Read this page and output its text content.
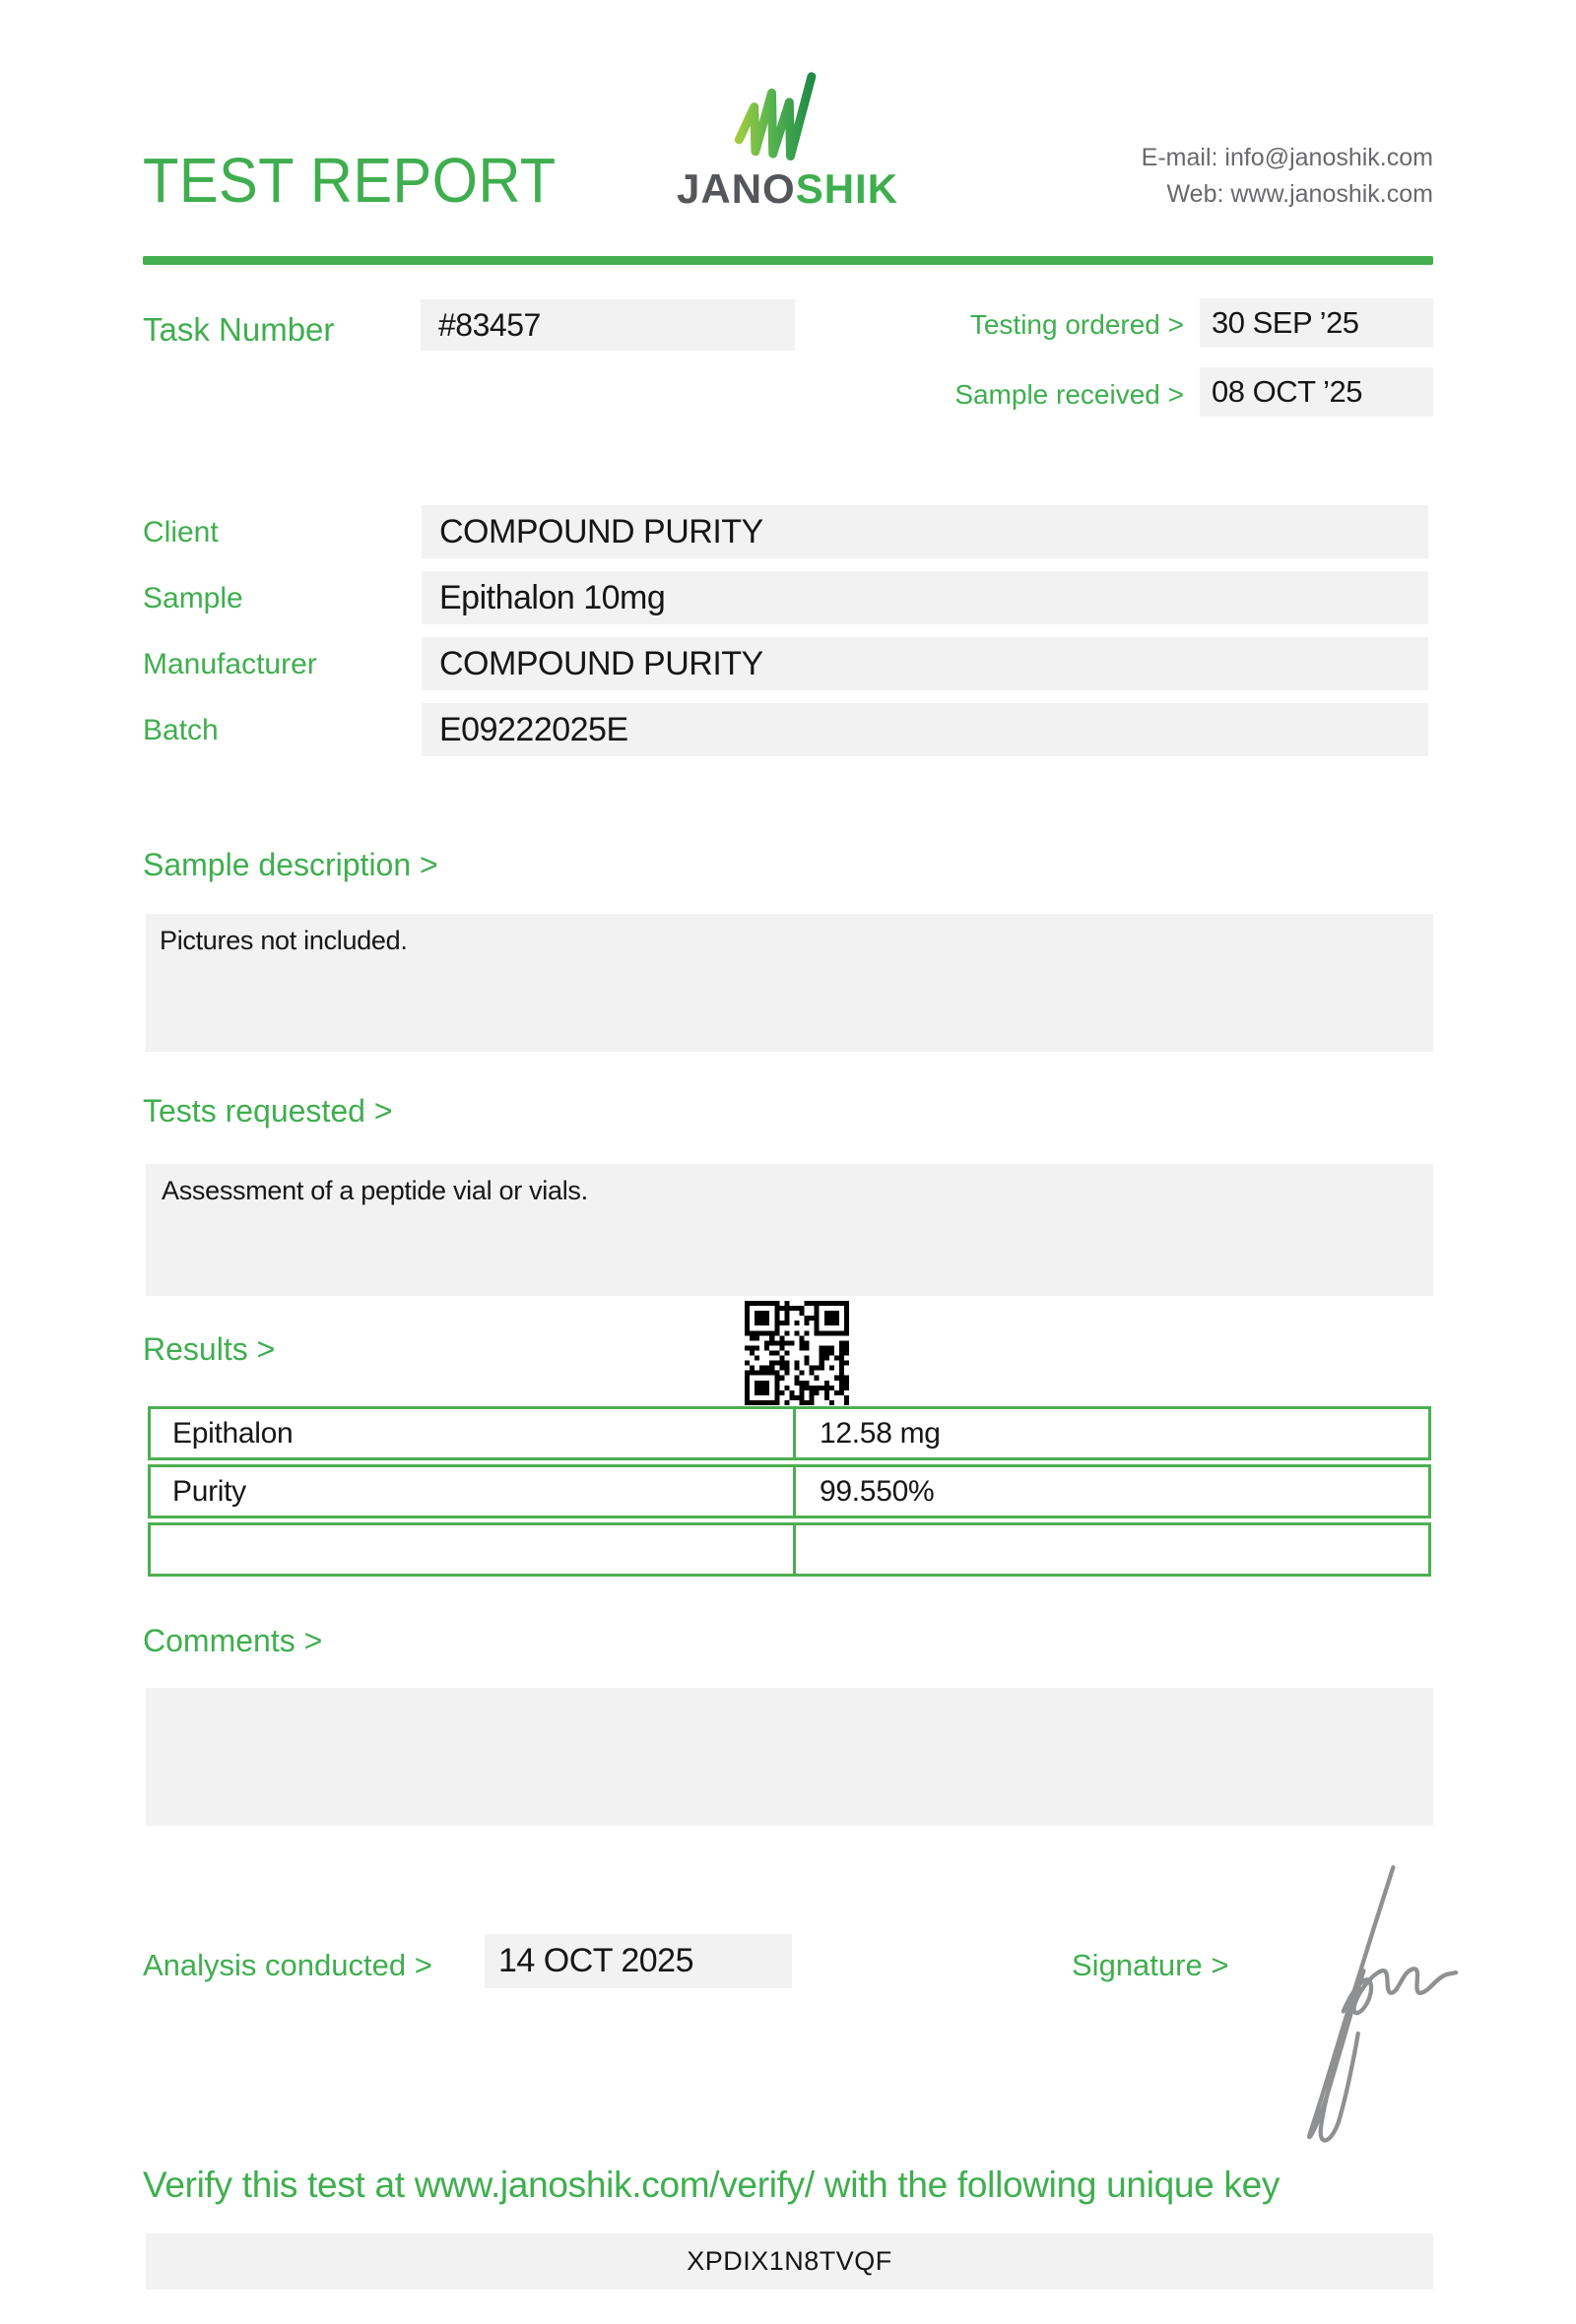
TEST REPORT	JANOSHIK
E-mail: info@janoshik.com
Web: www.janoshik.com
Task Number	#83457	Testing ordered > 30 SEP ’25
Sample received > 08 OCT ’25
Client	COMPOUND PURITY
Sample	Epithalon 10mg
Manufacturer	COMPOUND PURITY
Batch	E09222025E
Sample description >
Pictures not included.
Tests requested >
Assessment of a peptide vial or vials.
Results >
Epithalon	12.58 mg
Purity	99.550%
Comments >
Analysis conducted >	14 OCT 2025	Signature >
Verify this test at www.janoshik.com/verify/ with the following unique key
XPDIX1N8TVQF
